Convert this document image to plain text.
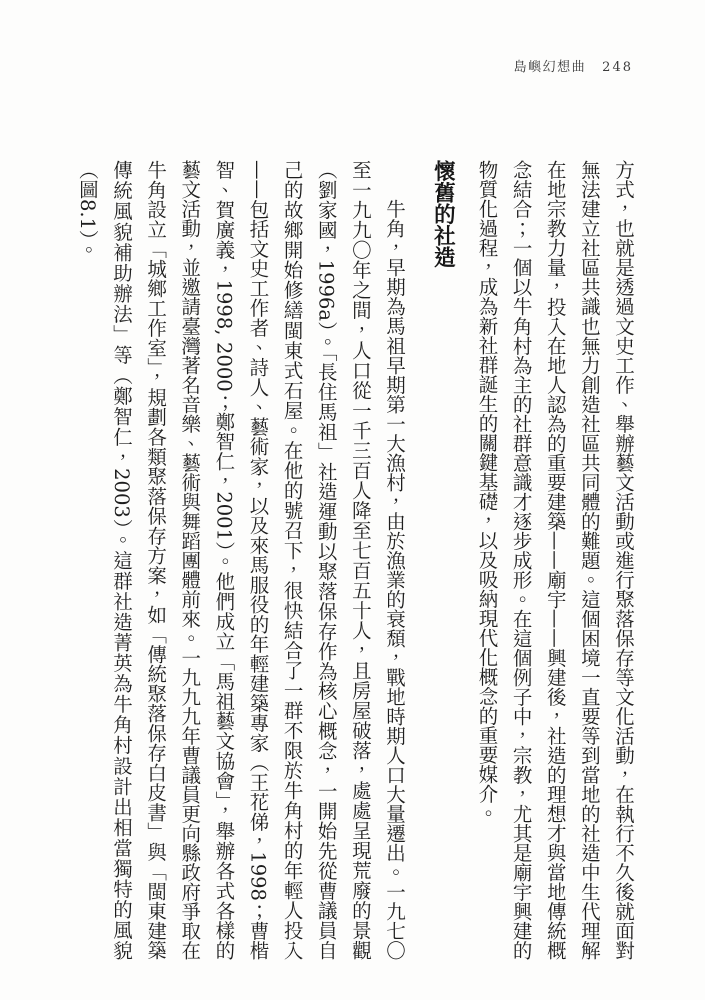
島嶼幻想曲 248

方式，也就是透過文史工作、舉辦藝文活動或進行聚落保存等文化活動，在執行不久後就面對無法建立社區共識也無力創造社區共同體的難題。這個困境一直要等到當地的社造中生代理解在地宗教力量，投入在地人認為的重要建築——廟宇——興建後，社造的理想才與當地傳統概念結合；一個以牛角村為主的社群意識才逐步成形。在這個例子中，宗教，尤其是廟宇興建的物質化過程，成為新社群誕生的關鍵基礎，以及吸納現代化概念的重要媒介。

懷舊的社造

牛角，早期為馬祖早期第一大漁村，由於漁業的衰頹，戰地時期人口大量遷出。一九七〇至一九九〇年之間，人口從一千三百人降至七百五十人，且房屋破落，處處呈現荒廢的景觀（劉家國，1996a）。「長住馬祖」社造運動以聚落保存作為核心概念，一開始先從曹議員自己的故鄉開始修繕閩東式石屋。在他的號召下，很快結合了一群不限於牛角村的年輕人投入——包括文史工作者、詩人、藝術家，以及來馬服役的年輕建築專家（王花俤，1998；曹楷智、賀廣義，1998, 2000；鄭智仁，2001）。他們成立「馬祖藝文協會」，舉辦各式各樣的藝文活動，並邀請臺灣著名音樂、藝術與舞蹈團體前來。一九九九年曹議員更向縣政府爭取在牛角設立「城鄉工作室」，規劃各類聚落保存方案，如「傳統聚落保存白皮書」與「閩東建築傳統風貌補助辦法」等（鄭智仁，2003）。這群社造菁英為牛角村設計出相當獨特的風貌（圖8.1）。
